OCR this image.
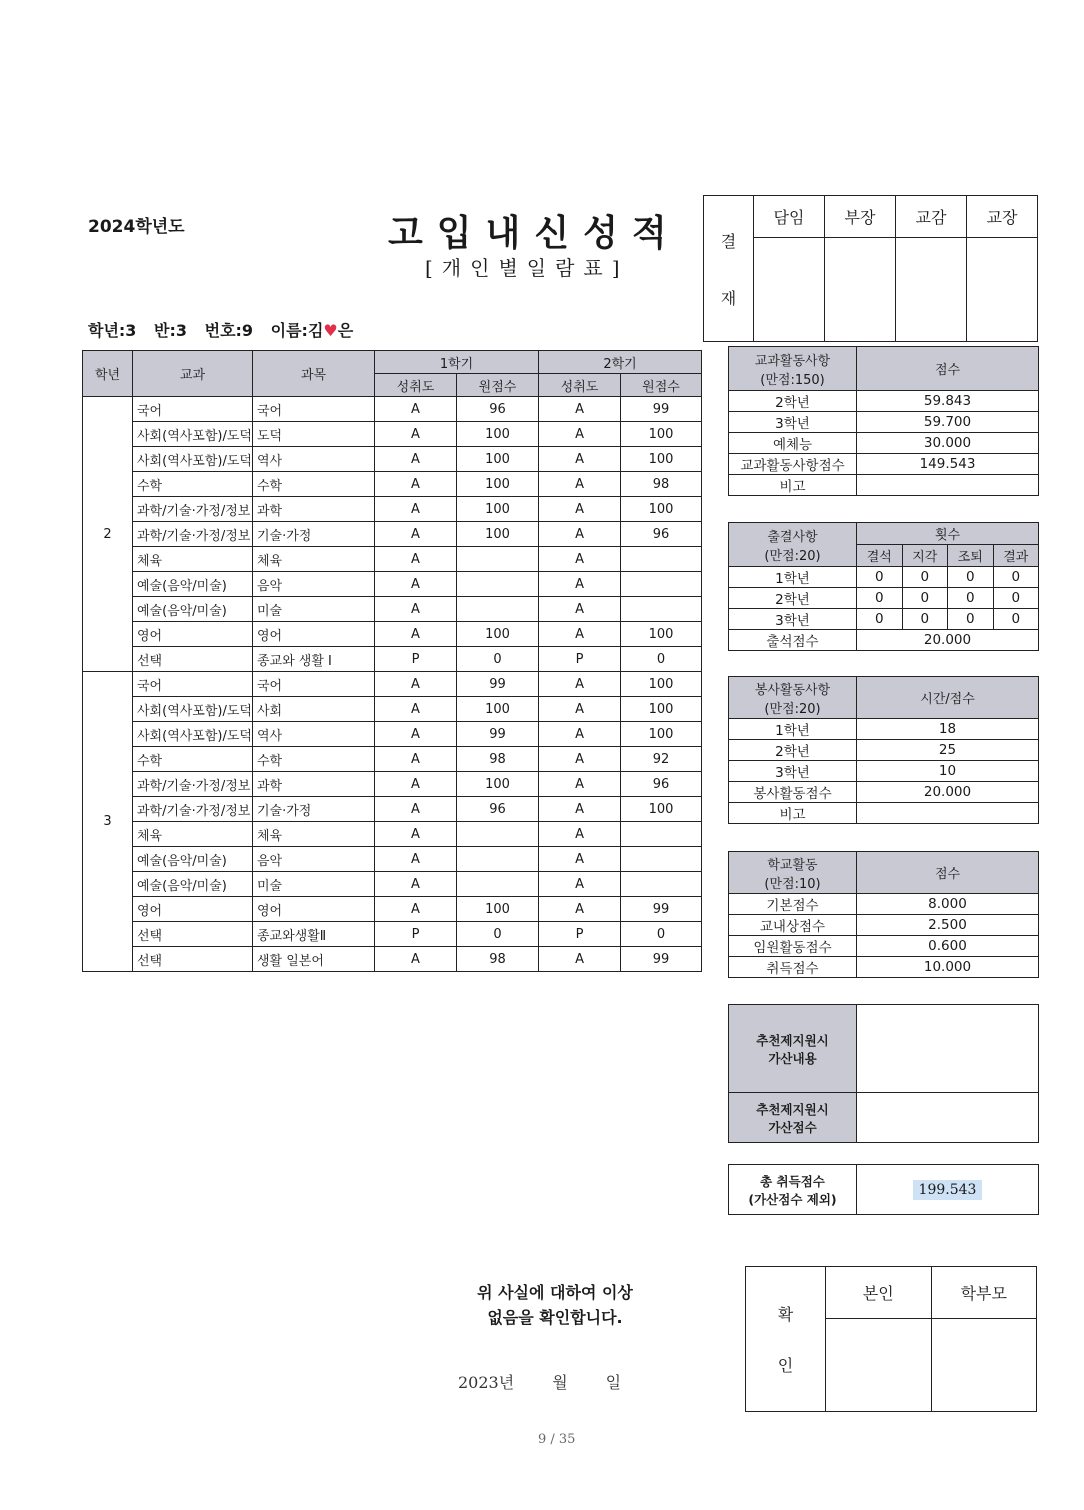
2024학년도	고입내신성적
[개인별일람표]
학년:3 반:3 번호:9 이름:김♥은
결
재	담임	부장	교감	교장

학년	교과	과목	1학기		2학기	
			성취도	원점수	성취도	원점수
2	국어	국어	A	96	A	99
	사회(역사포함)/도덕	도덕	A	100	A	100
	사회(역사포함)/도덕	역사	A	100	A	100
	수학	수학	A	100	A	98
	과학/기술·가정/정보	과학	A	100	A	100
	과학/기술·가정/정보	기술·가정	A	100	A	96
	체육	체육	A		A	
	예술(음악/미술)	음악	A		A	
	예술(음악/미술)	미술	A		A	
	영어	영어	A	100	A	100
	선택	종교와 생활 I	P	0	P	0
3	국어	국어	A	99	A	100
	사회(역사포함)/도덕	사회	A	100	A	100
	사회(역사포함)/도덕	역사	A	99	A	100
	수학	수학	A	98	A	92
	과학/기술·가정/정보	과학	A	100	A	96
	과학/기술·가정/정보	기술·가정	A	96	A	100
	체육	체육	A		A	
	예술(음악/미술)	음악	A		A	
	예술(음악/미술)	미술	A		A	
	영어	영어	A	100	A	99
	선택	종교와생활Ⅱ	P	0	P	0
	선택	생활 일본어	A	98	A	99
교과활동사항
(만점:150)	점수
2학년	59.843
3학년	59.700
예체능	30.000
교과활동사항점수	149.543
비고	
출결사항
(만점:20)	횟수			
	결석	지각	조퇴	결과
1학년	0	0	0	0
2학년	0	0	0	0
3학년	0	0	0	0
출석점수	20.000			
봉사활동사항
(만점:20)	시간/점수
1학년	18
2학년	25
3학년	10
봉사활동점수	20.000
비고	
학교활동
(만점:10)	점수
기본점수	8.000
교내상점수	2.500
임원활동점수	0.600
취득점수	10.000
추천제지원시
가산내용	

추천제지원시
가산점수	

총 취득점수
(가산점수 제외)
	199.543
위 사실에 대하여 이상
없음을 확인합니다.
2023년 월 일
9 / 35
확
인	본인	학부모
